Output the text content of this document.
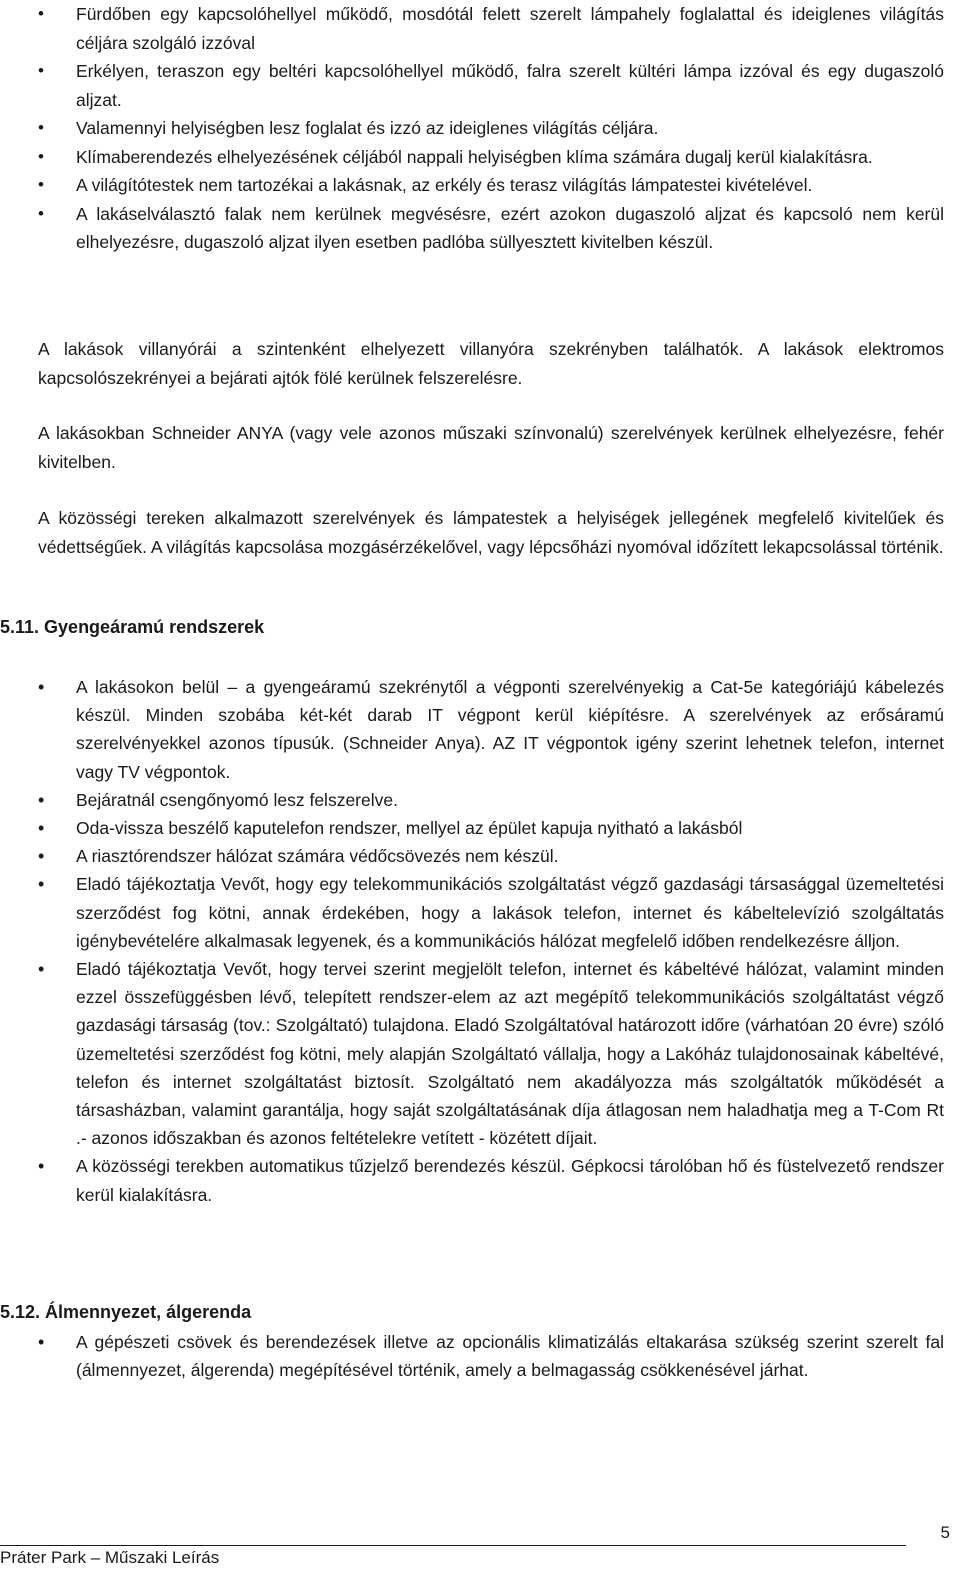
• Fürdőben egy kapcsolóhellyel működő, mosdótál felett szerelt lámpahely foglalattal és ideiglenes világítás céljára szolgáló izzóval
• Erkélyen, teraszon egy beltéri kapcsolóhellyel működő, falra szerelt kültéri lámpa izzóval és egy dugaszoló aljzat.
• Valamennyi helyiségben lesz foglalat és izzó az ideiglenes világítás céljára.
• Klímaberendezés elhelyezésének céljából nappali helyiségben klíma számára dugalj kerül kialakításra.
• A világítótestek nem tartozékai a lakásnak, az erkély és terasz világítás lámpatestei kivételével.
• A lakáselválasztó falak nem kerülnek megvésésre, ezért azokon dugaszoló aljzat és kapcsoló nem kerül elhelyezésre, dugaszoló aljzat ilyen esetben padlóba süllyesztett kivitelben készül.

A lakások villanyórái a szintenként elhelyezett villanyóra szekrényben találhatók. A lakások elektromos kapcsolószekrényei a bejárati ajtók fölé kerülnek felszerelésre.

A lakásokban Schneider ANYA (vagy vele azonos műszaki színvonalú) szerelvények kerülnek elhelyezésre, fehér kivitelben.

A közösségi tereken alkalmazott szerelvények és lámpatestek a helyiségek jellegének megfelelő kivitelűek és védettségűek. A világítás kapcsolása mozgásérzékelővel, vagy lépcsőházi nyomóval időzített lekapcsolással történik.

5.11. Gyengeáramú rendszerek
• A lakásokon belül – a gyengeáramú szekrénytől a végponti szerelvényekig a Cat-5e kategóriájú kábelezés készül. Minden szobába két-két darab IT végpont kerül kiépítésre. A szerelvények az erősáramú szerelvényekkel azonos típusúk. (Schneider Anya). AZ IT végpontok igény szerint lehetnek telefon, internet vagy TV végpontok.
• Bejáratnál csengőnyomó lesz felszerelve.
• Oda-vissza beszélő kaputelefon rendszer, mellyel az épület kapuja nyitható a lakásból
• A riasztórendszer hálózat számára védőcsövezés nem készül.
• Eladó tájékoztatja Vevőt, hogy egy telekommunikációs szolgáltatást végző gazdasági társasággal üzemeltetési szerződést fog kötni, annak érdekében, hogy a lakások telefon, internet és kábeltelevízió szolgáltatás igénybevételére alkalmasak legyenek, és a kommunikációs hálózat megfelelő időben rendelkezésre álljon.
• Eladó tájékoztatja Vevőt, hogy tervei szerint megjelölt telefon, internet és kábeltévé hálózat, valamint minden ezzel összefüggésben lévő, telepített rendszer-elem az azt megépítő telekommunikációs szolgáltatást végző gazdasági társaság (tov.: Szolgáltató) tulajdona. Eladó Szolgáltatóval határozott időre (várhatóan 20 évre) szóló üzemeltetési szerződést fog kötni, mely alapján Szolgáltató vállalja, hogy a Lakóház tulajdonosainak kábeltévé, telefon és internet szolgáltatást biztosít. Szolgáltató nem akadályozza más szolgáltatók működését a társasházban, valamint garantálja, hogy saját szolgáltatásának díja átlagosan nem haladhatja meg a T-Com Rt .- azonos időszakban és azonos feltételekre vetített - közétett díjait.
• A közösségi terekben automatikus tűzjelző berendezés készül. Gépkocsi tárolóban hő és füstelvezető rendszer kerül kialakításra.
5.12. Álmennyezet, álgerenda
• A gépészeti csövek és berendezések illetve az opcionális klimatizálás eltakarása szükség szerint szerelt fal (álmennyezet, álgerenda) megépítésével történik, amely a belmagasság csökkenésével járhat.
5
Práter Park – Műszaki Leírás
